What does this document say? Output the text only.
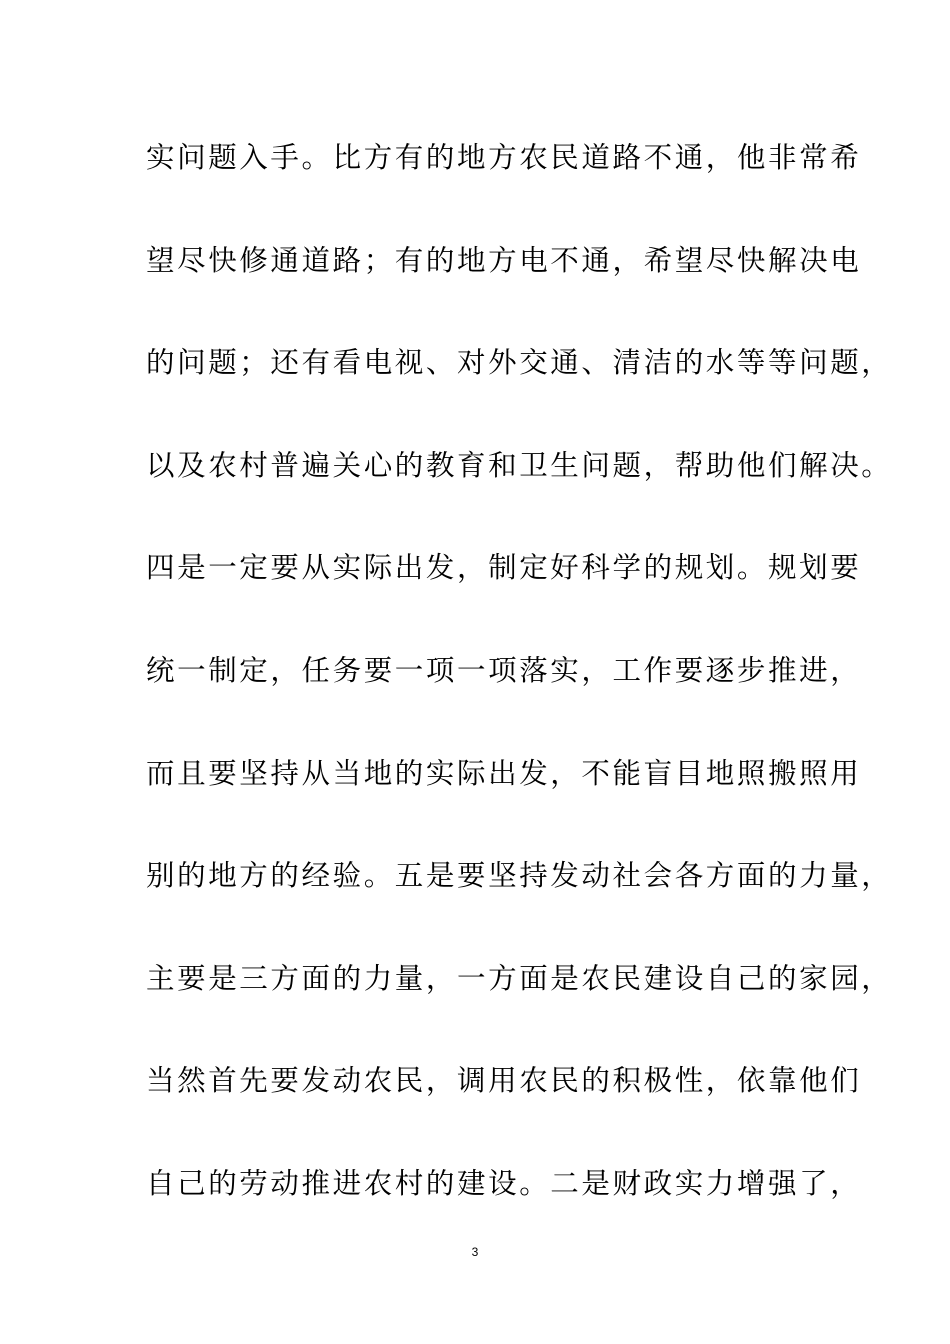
实问题入手。比方有的地方农民道路不通，他非常希
望尽快修通道路；有的地方电不通，希望尽快解决电
的问题；还有看电视、对外交通、清洁的水等等问题，
以及农村普遍关心的教育和卫生问题，帮助他们解决。
四是一定要从实际出发，制定好科学的规划。规划要
统一制定，任务要一项一项落实，工作要逐步推进，
而且要坚持从当地的实际出发，不能盲目地照搬照用
别的地方的经验。五是要坚持发动社会各方面的力量，
主要是三方面的力量，一方面是农民建设自己的家园，
当然首先要发动农民，调用农民的积极性，依靠他们
自己的劳动推进农村的建设。二是财政实力增强了，
3
